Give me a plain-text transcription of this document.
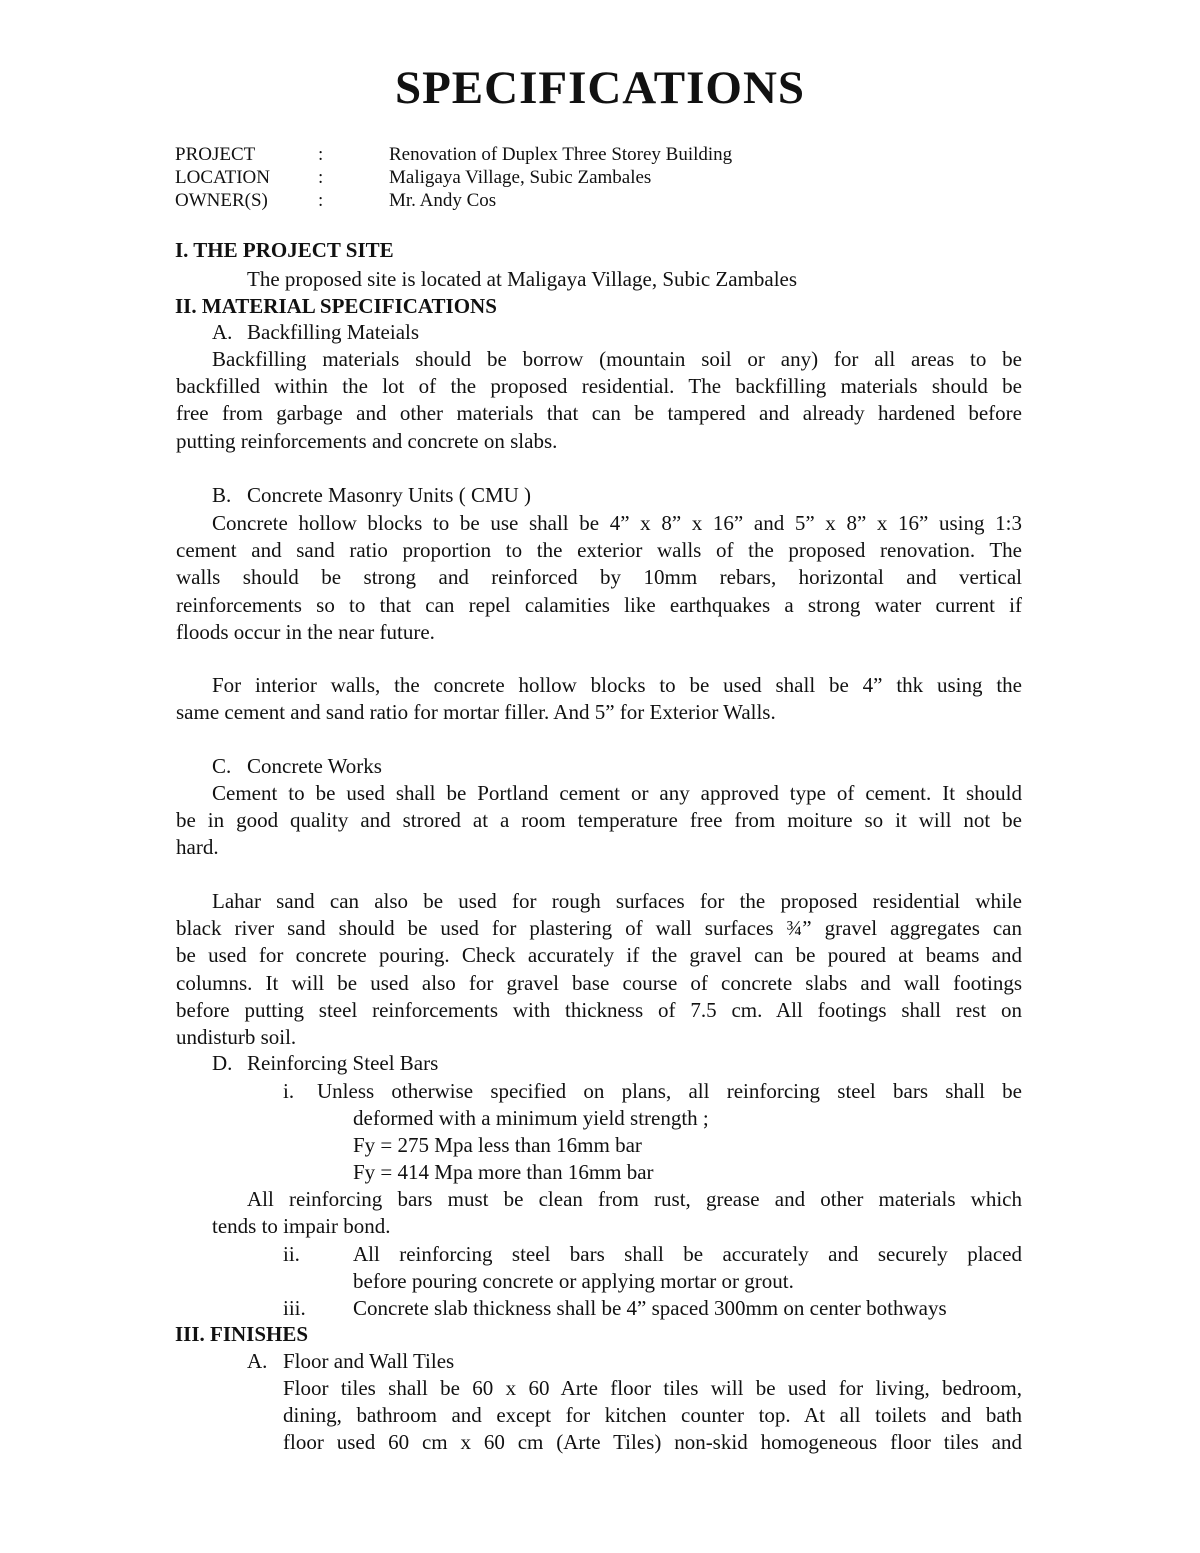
SPECIFICATIONS
PROJECT	:	Renovation of Duplex Three Storey Building
LOCATION	:	Maligaya Village, Subic Zambales
OWNER(S)	:	Mr. Andy Cos
I. THE PROJECT SITE
The proposed site is located at Maligaya Village, Subic Zambales
II. MATERIAL SPECIFICATIONS
A. Backfilling Mateials
Backfilling materials should be borrow (mountain soil or any) for all areas to be
backfilled within the lot of the proposed residential. The backfilling materials should be
free from garbage and other materials that can be tampered and already hardened before
putting reinforcements and concrete on slabs.
B. Concrete Masonry Units ( CMU )
Concrete hollow blocks to be use shall be 4” x 8” x 16” and 5” x 8” x 16” using 1:3
cement and sand ratio proportion to the exterior walls of the proposed renovation. The
walls should be strong and reinforced by 10mm rebars, horizontal and vertical
reinforcements so to that can repel calamities like earthquakes a strong water current if
floods occur in the near future.
For interior walls, the concrete hollow blocks to be used shall be 4” thk using the
same cement and sand ratio for mortar filler. And 5” for Exterior Walls.
C. Concrete Works
Cement to be used shall be Portland cement or any approved type of cement. It should
be in good quality and strored at a room temperature free from moiture so it will not be
hard.
Lahar sand can also be used for rough surfaces for the proposed residential while
black river sand should be used for plastering of wall surfaces ¾” gravel aggregates can
be used for concrete pouring. Check accurately if the gravel can be poured at beams and
columns. It will be used also for gravel base course of concrete slabs and wall footings
before putting steel reinforcements with thickness of 7.5 cm. All footings shall rest on
undisturb soil.
D. Reinforcing Steel Bars
i. Unless otherwise specified on plans, all reinforcing steel bars shall be
deformed with a minimum yield strength ;
Fy = 275 Mpa less than 16mm bar
Fy = 414 Mpa more than 16mm bar
All reinforcing bars must be clean from rust, grease and other materials which
tends to impair bond.
ii.	All reinforcing steel bars shall be accurately and securely placed
before pouring concrete or applying mortar or grout.
iii. Concrete slab thickness shall be 4” spaced 300mm on center bothways
III. FINISHES
A. Floor and Wall Tiles
Floor tiles shall be 60 x 60 Arte floor tiles will be used for living, bedroom,
dining, bathroom and except for kitchen counter top. At all toilets and bath
floor used 60 cm x 60 cm (Arte Tiles) non-skid homogeneous floor tiles and
